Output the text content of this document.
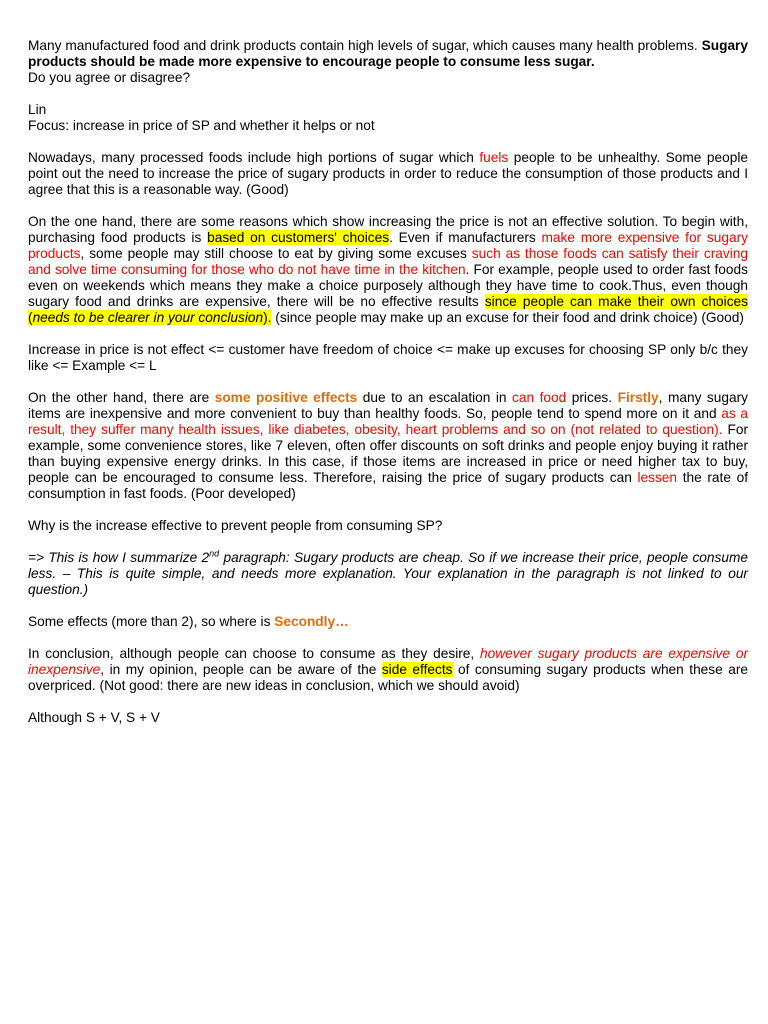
Many manufactured food and drink products contain high levels of sugar, which causes many health problems. Sugary products should be made more expensive to encourage people to consume less sugar.

Do you agree or disagree?

Lin

Focus: increase in price of SP and whether it helps or not

Nowadays, many processed foods include high portions of sugar which fuels people to be unhealthy. Some people point out the need to increase the price of sugary products in order to reduce the consumption of those products and I agree that this is a reasonable way. (Good)

On the one hand, there are some reasons which show increasing the price is not an effective solution. To begin with, purchasing food products is based on customers' choices. Even if manufacturers make more expensive for sugary products, some people may still choose to eat by giving some excuses such as those foods can satisfy their craving and solve time consuming for those who do not have time in the kitchen. For example, people used to order fast foods even on weekends which means they make a choice purposely although they have time to cook.Thus, even though sugary food and drinks are expensive, there will be no effective results since people can make their own choices (needs to be clearer in your conclusion). (since people may make up an excuse for their food and drink choice) (Good)

Increase in price is not effect <= customer have freedom of choice <= make up excuses for choosing SP only b/c they like <= Example <= L

On the other hand, there are some positive effects due to an escalation in can food prices. Firstly, many sugary items are inexpensive and more convenient to buy than healthy foods. So, people tend to spend more on it and as a result, they suffer many health issues, like diabetes, obesity, heart problems and so on (not related to question). For example, some convenience stores, like 7 eleven, often offer discounts on soft drinks and people enjoy buying it rather than buying expensive energy drinks. In this case, if those items are increased in price or need higher tax to buy, people can be encouraged to consume less. Therefore, raising the price of sugary products can lessen the rate of consumption in fast foods. (Poor developed)

Why is the increase effective to prevent people from consuming SP?

=> This is how I summarize 2nd paragraph: Sugary products are cheap. So if we increase their price, people consume less. – This is quite simple, and needs more explanation. Your explanation in the paragraph is not linked to our question.)

Some effects (more than 2), so where is Secondly…

In conclusion, although people can choose to consume as they desire, however sugary products are expensive or inexpensive, in my opinion, people can be aware of the side effects of consuming sugary products when these are overpriced. (Not good: there are new ideas in conclusion, which we should avoid)

Although S + V, S + V
